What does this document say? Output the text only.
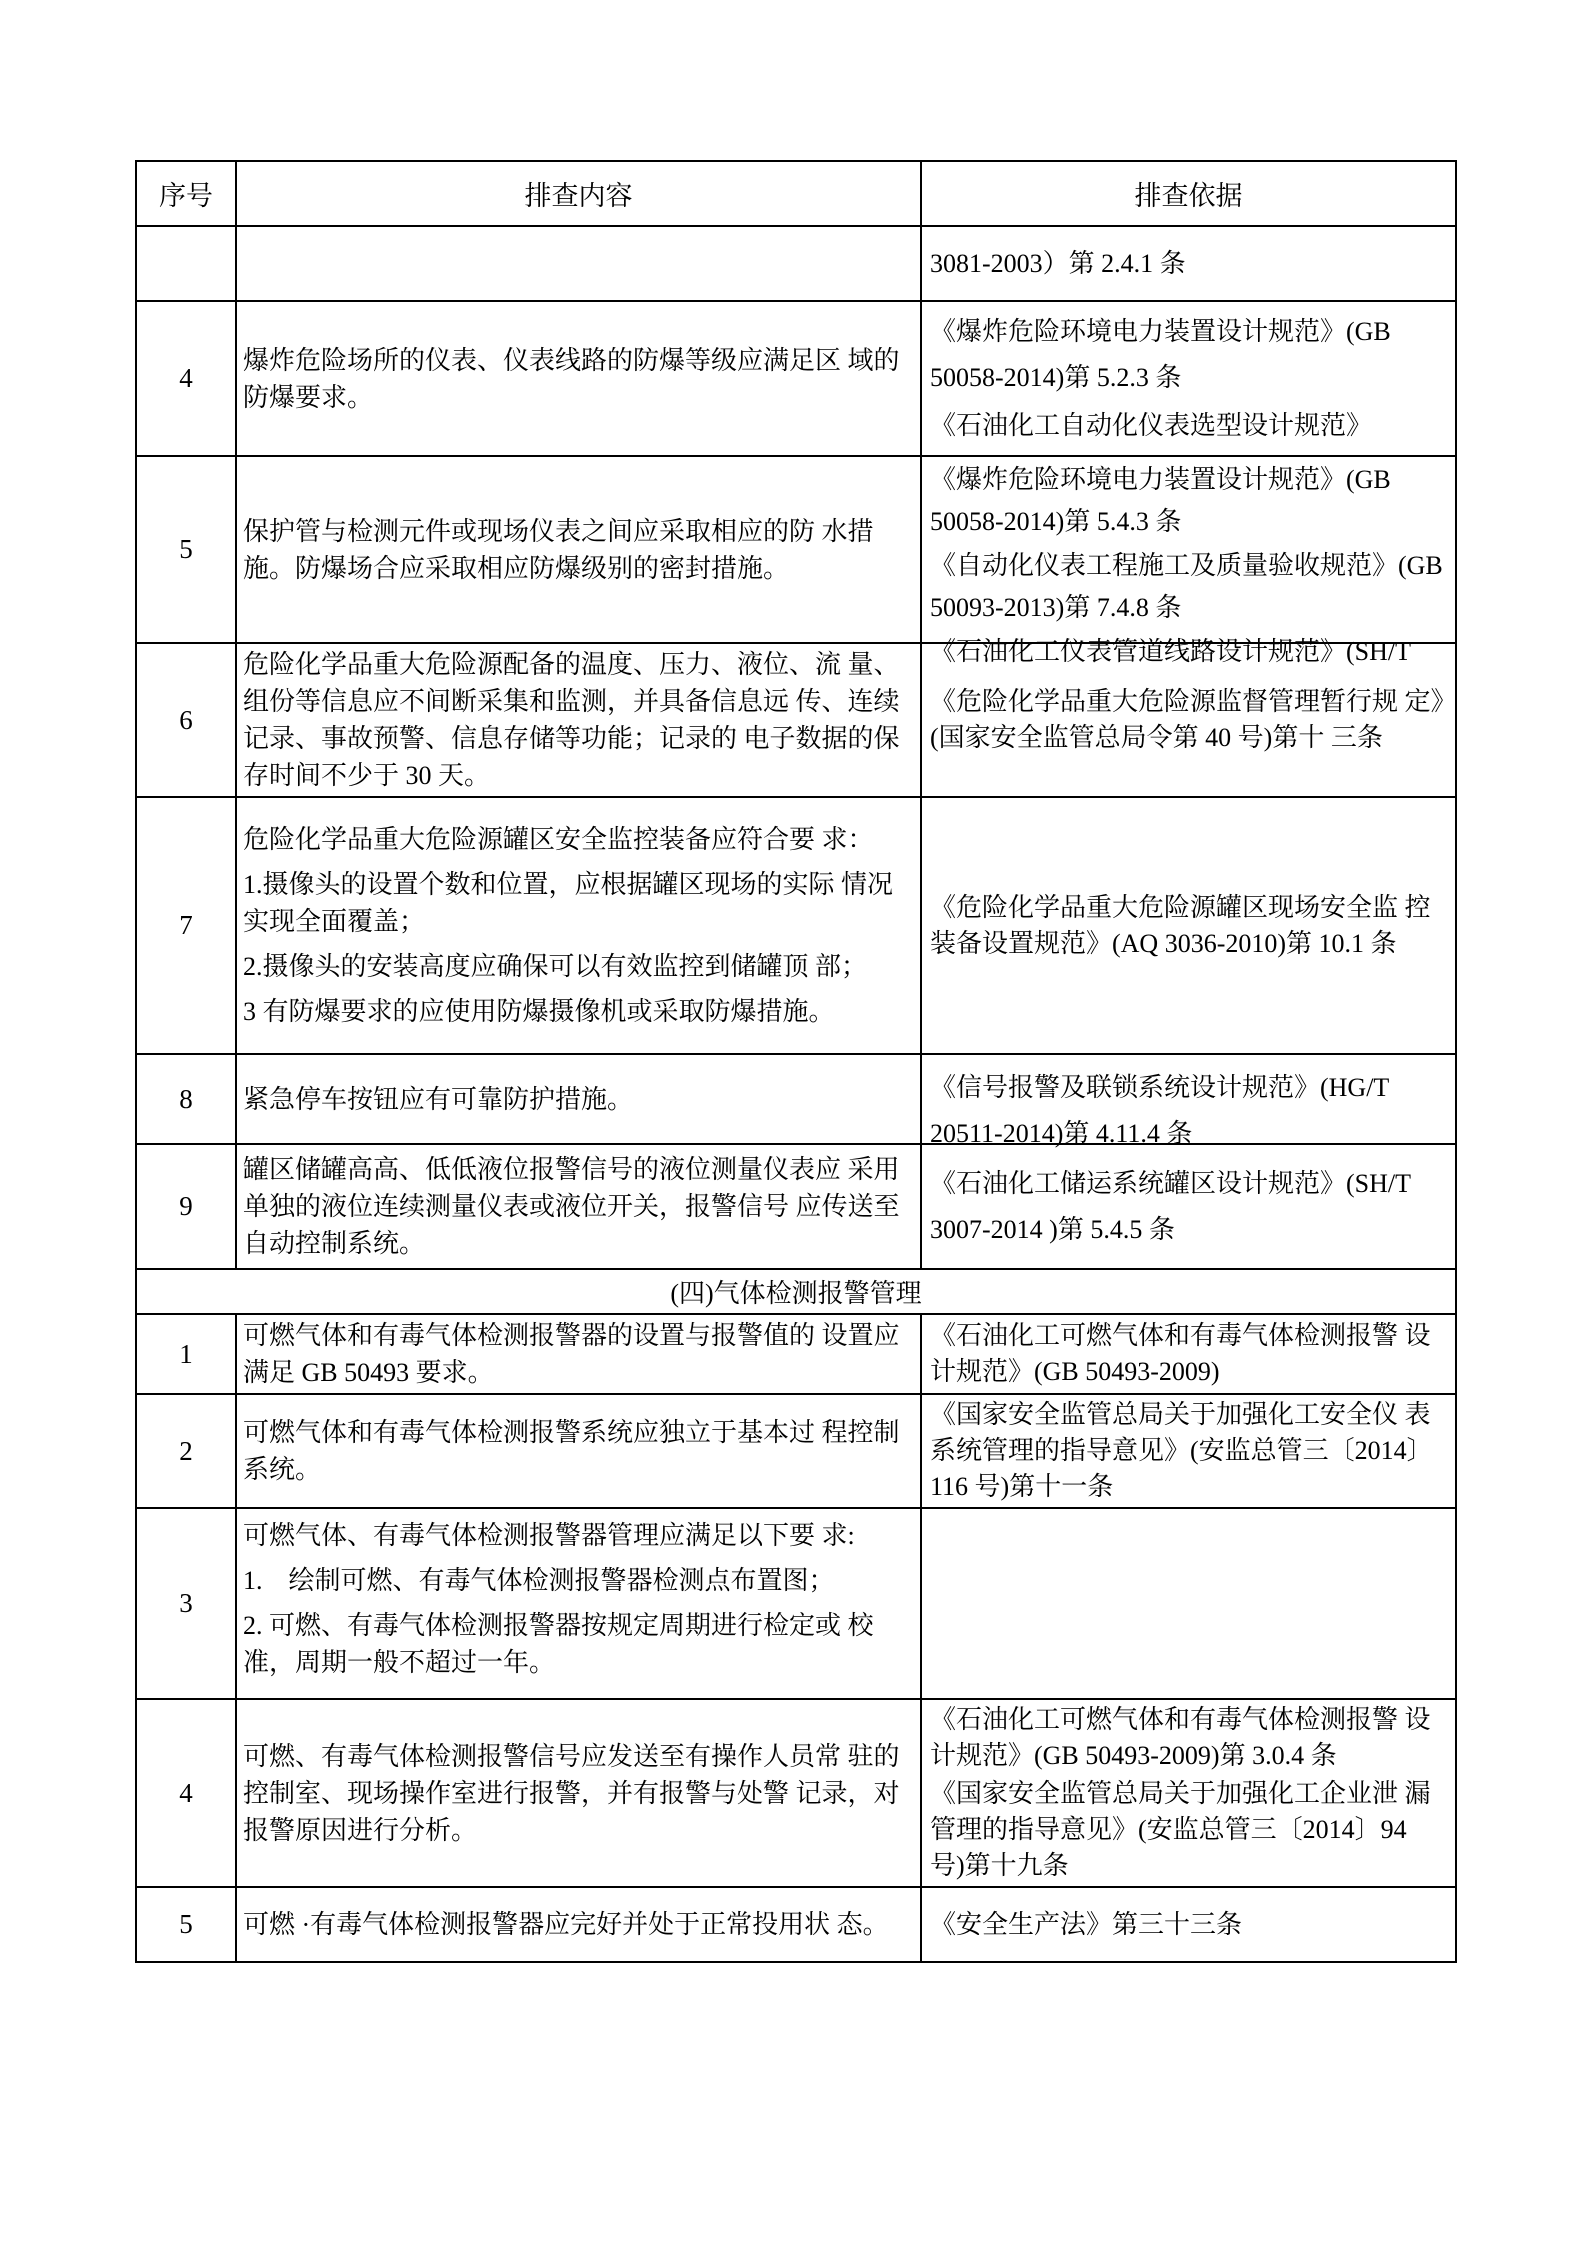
序号	排查内容	排查依据

		3081-2003）第 2.4.1 条

4	爆炸危险场所的仪表、仪表线路的防爆等级应满足区 域的防爆要求。	《爆炸危险环境电力装置设计规范》(GB 50058-2014)第 5.2.3 条
《石油化工自动化仪表选型设计规范》

5	保护管与检测元件或现场仪表之间应采取相应的防 水措施。防爆场合应采取相应防爆级别的密封措施。	《爆炸危险环境电力装置设计规范》(GB 50058-2014)第 5.4.3 条
《自动化仪表工程施工及质量验收规范》(GB 50093-2013)第 7.4.8 条
《石油化工仪表管道线路设计规范》(SH/T

6	危险化学品重大危险源配备的温度、压力、液位、流 量、组份等信息应不间断采集和监测，并具备信息远 传、连续记录、事故预警、信息存储等功能；记录的 电子数据的保存时间不少于 30 天。	《危险化学品重大危险源监督管理暂行规 定》(国家安全监管总局令第 40 号)第十 三条

7	危险化学品重大危险源罐区安全监控装备应符合要 求：
1.摄像头的设置个数和位置，应根据罐区现场的实际 情况实现全面覆盖；
2.摄像头的安装高度应确保可以有效监控到储罐顶 部；
3 有防爆要求的应使用防爆摄像机或采取防爆措施。	《危险化学品重大危险源罐区现场安全监 控装备设置规范》(AQ 3036-2010)第 10.1 条

8	紧急停车按钮应有可靠防护措施。	《信号报警及联锁系统设计规范》(HG/T 20511-2014)第 4.11.4 条

9	罐区储罐高高、低低液位报警信号的液位测量仪表应 采用单独的液位连续测量仪表或液位开关，报警信号 应传送至自动控制系统。	《石油化工储运系统罐区设计规范》(SH/T 3007-2014 )第 5.4.5 条

(四)气体检测报警管理		
1	可燃气体和有毒气体检测报警器的设置与报警值的 设置应满足 GB 50493 要求。	《石油化工可燃气体和有毒气体检测报警 设计规范》(GB 50493-2009)

2	可燃气体和有毒气体检测报警系统应独立于基本过 程控制系统。	《国家安全监管总局关于加强化工安全仪 表系统管理的指导意见》(安监总管三〔2014〕116 号)第十一条

3	可燃气体、有毒气体检测报警器管理应满足以下要 求:
1.　绘制可燃、有毒气体检测报警器检测点布置图；
2. 可燃、有毒气体检测报警器按规定周期进行检定或 校准，周期一般不超过一年。	

4	可燃、有毒气体检测报警信号应发送至有操作人员常 驻的控制室、现场操作室进行报警，并有报警与处警 记录，对报警原因进行分析。	《石油化工可燃气体和有毒气体检测报警 设计规范》(GB 50493-2009)第 3.0.4 条
《国家安全监管总局关于加强化工企业泄 漏管理的指导意见》(安监总管三〔2014〕94 号)第十九条

5	可燃 ·有毒气体检测报警器应完好并处于正常投用状 态。	《安全生产法》第三十三条
